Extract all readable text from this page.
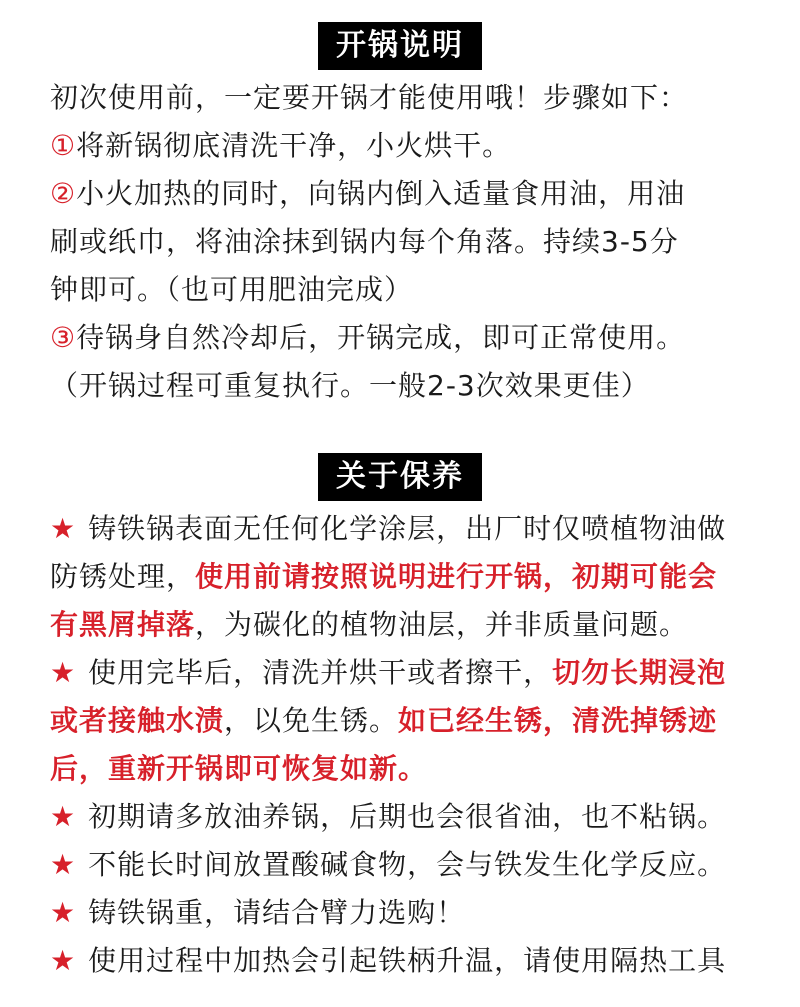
开锅说明
初次使用前，一定要开锅才能使用哦！步骤如下：
①将新锅彻底清洗干净，小火烘干。
②小火加热的同时，向锅内倒入适量食用油，用油
刷或纸巾，将油涂抹到锅内每个角落。持续3-5分
钟即可。（也可用肥油完成）
③待锅身自然冷却后，开锅完成，即可正常使用。
（开锅过程可重复执行。一般2-3次效果更佳）
关于保养
★ 铸铁锅表面无任何化学涂层，出厂时仅喷植物油做
防锈处理，使用前请按照说明进行开锅，初期可能会
有黑屑掉落，为碳化的植物油层，并非质量问题。
★ 使用完毕后，清洗并烘干或者擦干，切勿长期浸泡
或者接触水渍，以免生锈。如已经生锈，清洗掉锈迹
后，重新开锅即可恢复如新。
★ 初期请多放油养锅，后期也会很省油，也不粘锅。
★ 不能长时间放置酸碱食物，会与铁发生化学反应。
★ 铸铁锅重，请结合臂力选购！
★ 使用过程中加热会引起铁柄升温，请使用隔热工具
